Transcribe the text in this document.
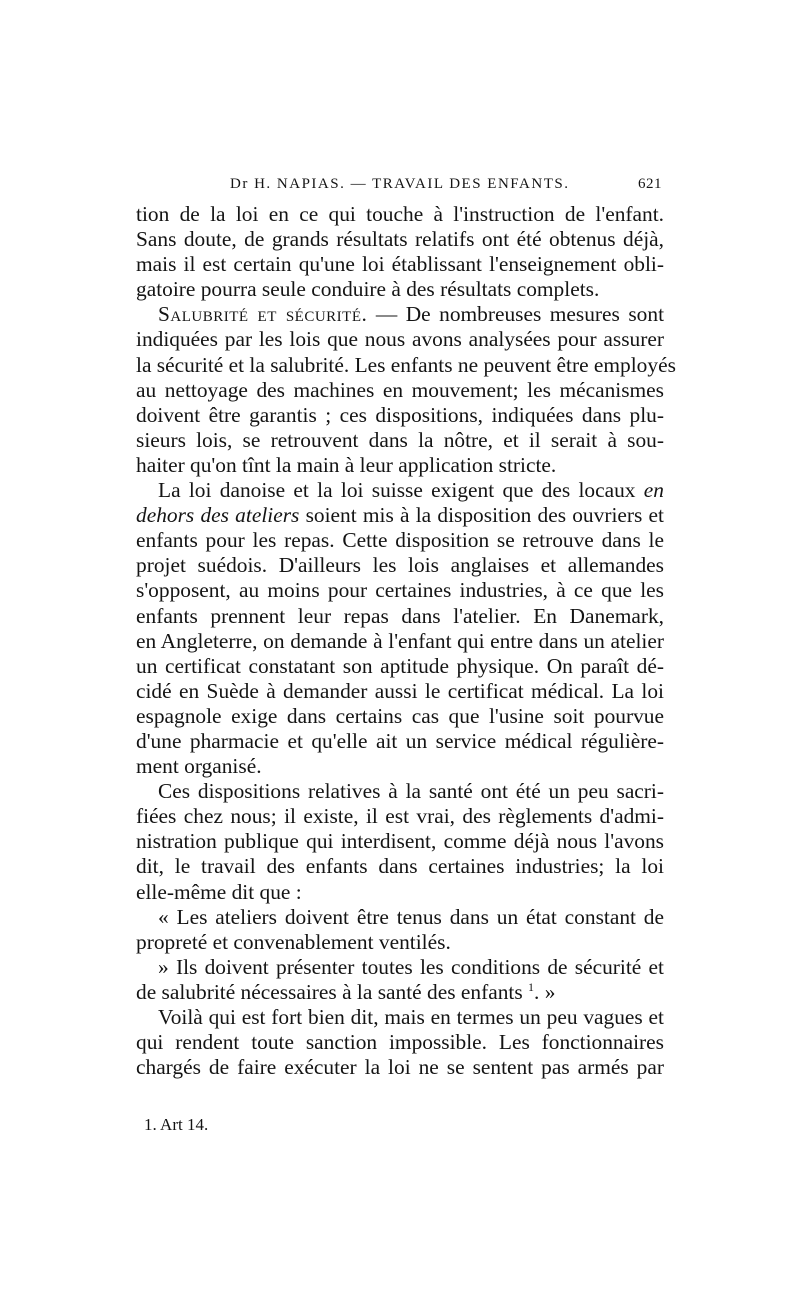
Dr H. NAPIAS. — TRAVAIL DES ENFANTS.	621
tion de la loi en ce qui touche à l'instruction de l'enfant.
Sans doute, de grands résultats relatifs ont été obtenus déjà,
mais il est certain qu'une loi établissant l'enseignement obli-
gatoire pourra seule conduire à des résultats complets.
Salubrité et sécurité. — De nombreuses mesures sont
indiquées par les lois que nous avons analysées pour assurer
la sécurité et la salubrité. Les enfants ne peuvent être employés
au nettoyage des machines en mouvement; les mécanismes
doivent être garantis ; ces dispositions, indiquées dans plu-
sieurs lois, se retrouvent dans la nôtre, et il serait à sou-
haiter qu'on tînt la main à leur application stricte.
La loi danoise et la loi suisse exigent que des locaux en
dehors des ateliers soient mis à la disposition des ouvriers et
enfants pour les repas. Cette disposition se retrouve dans le
projet suédois. D'ailleurs les lois anglaises et allemandes
s'opposent, au moins pour certaines industries, à ce que les
enfants prennent leur repas dans l'atelier. En Danemark,
en Angleterre, on demande à l'enfant qui entre dans un atelier
un certificat constatant son aptitude physique. On paraît dé-
cidé en Suède à demander aussi le certificat médical. La loi
espagnole exige dans certains cas que l'usine soit pourvue
d'une pharmacie et qu'elle ait un service médical régulière-
ment organisé.
Ces dispositions relatives à la santé ont été un peu sacri-
fiées chez nous; il existe, il est vrai, des règlements d'admi-
nistration publique qui interdisent, comme déjà nous l'avons
dit, le travail des enfants dans certaines industries; la loi
elle-même dit que :
« Les ateliers doivent être tenus dans un état constant de
propreté et convenablement ventilés.
» Ils doivent présenter toutes les conditions de sécurité et
de salubrité nécessaires à la santé des enfants $^1$. »
Voilà qui est fort bien dit, mais en termes un peu vagues et
qui rendent toute sanction impossible. Les fonctionnaires
chargés de faire exécuter la loi ne se sentent pas armés par
1. Art 14.
